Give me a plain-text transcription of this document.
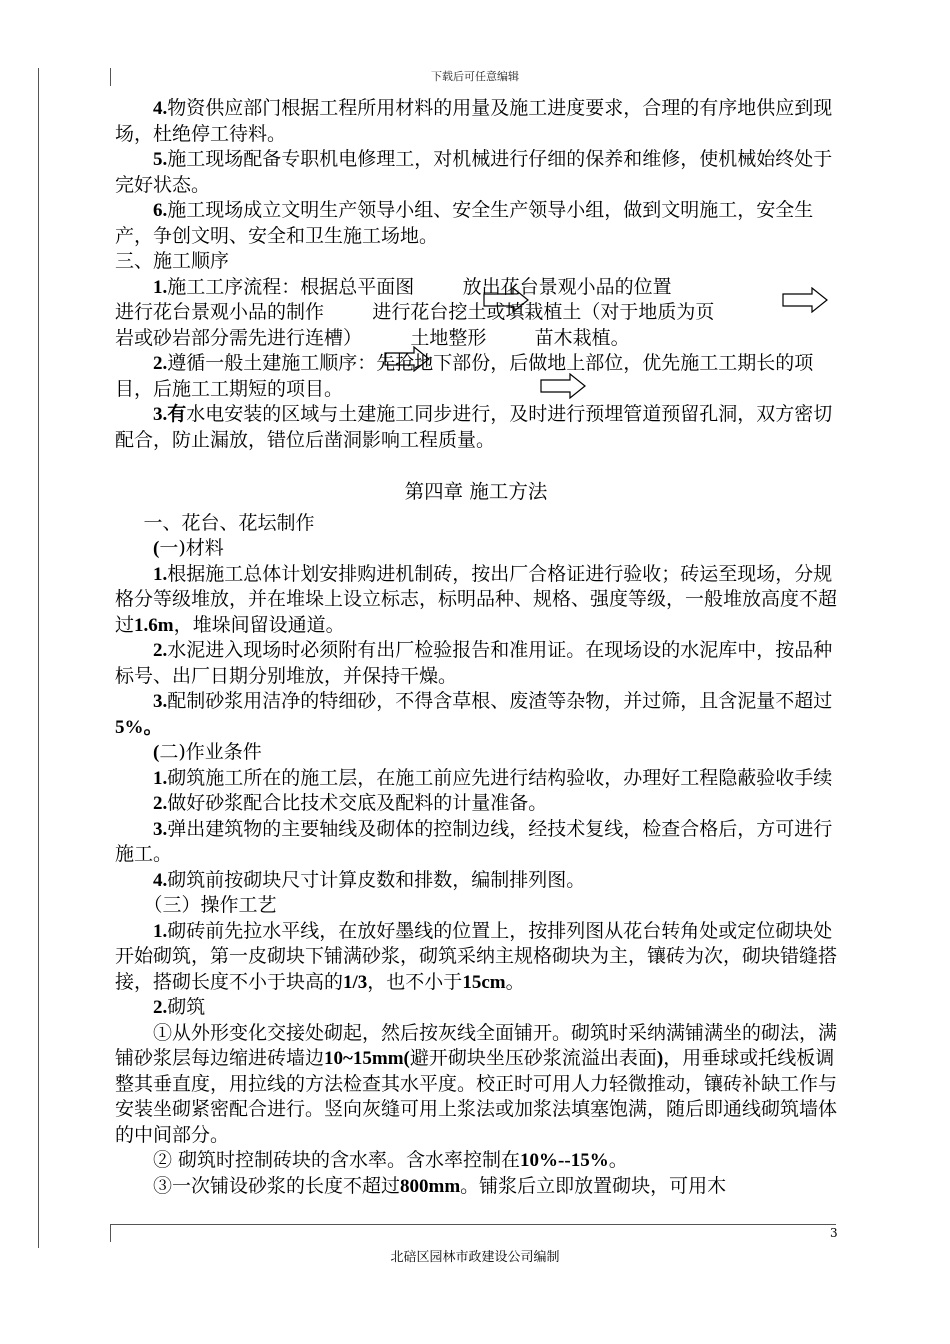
下载后可任意编辑

4.物资供应部门根据工程所用材料的用量及施工进度要求，合理的有序地供应到现场，杜绝停工待料。

5.施工现场配备专职机电修理工，对机械进行仔细的保养和维修，使机械始终处于完好状态。

6.施工现场成立文明生产领导小组、安全生产领导小组，做到文明施工，安全生产，争创文明、安全和卫生施工场地。

三、施工顺序

1.施工工序流程：根据总平面图        放出花台景观小品的位置

进行花台景观小品的制作        进行花台挖土或填栽植土（对于地质为页

岩或砂岩部分需先进行连槽）        土地整形        苗木栽植。

2.遵循一般土建施工顺序：先抢地下部份，后做地上部位，优先施工工期长的项目，后施工工期短的项目。

3.有水电安装的区域与土建施工同步进行，及时进行预埋管道预留孔洞，双方密切配合，防止漏放，错位后凿洞影响工程质量。

第四章 施工方法

一、花台、花坛制作

(一)材料

1.根据施工总体计划安排购进机制砖，按出厂合格证进行验收；砖运至现场，分规格分等级堆放，并在堆垛上设立标志，标明品种、规格、强度等级，一般堆放高度不超过1.6m，堆垛间留设通道。

2.水泥进入现场时必须附有出厂检验报告和准用证。在现场设的水泥库中，按品种标号、出厂日期分别堆放，并保持干燥。

3.配制砂浆用洁净的特细砂，不得含草根、废渣等杂物，并过筛，且含泥量不超过5%。

(二)作业条件

1.砌筑施工所在的施工层，在施工前应先进行结构验收，办理好工程隐蔽验收手续

2.做好砂浆配合比技术交底及配料的计量准备。

3.弹出建筑物的主要轴线及砌体的控制边线，经技术复线，检查合格后，方可进行施工。

4.砌筑前按砌块尺寸计算皮数和排数，编制排列图。

（三）操作工艺

1.砌砖前先拉水平线，在放好墨线的位置上，按排列图从花台转角处或定位砌块处开始砌筑，第一皮砌块下铺满砂浆，砌筑采纳主规格砌块为主，镶砖为次，砌块错缝搭接，搭砌长度不小于块高的1/3，也不小于15cm。

2.砌筑

①从外形变化交接处砌起，然后按灰线全面铺开。砌筑时采纳满铺满坐的砌法，满铺砂浆层每边缩进砖墙边10~15mm(避开砌块坐压砂浆流溢出表面)，用垂球或托线板调整其垂直度，用拉线的方法检查其水平度。校正时可用人力轻微推动，镶砖补缺工作与安装坐砌紧密配合进行。竖向灰缝可用上浆法或加浆法填塞饱满，随后即通线砌筑墙体的中间部分。

② 砌筑时控制砖块的含水率。含水率控制在10%--15%。

③一次铺设砂浆的长度不超过800mm。铺浆后立即放置砌块，可用木

3
北碚区园林市政建设公司编制
